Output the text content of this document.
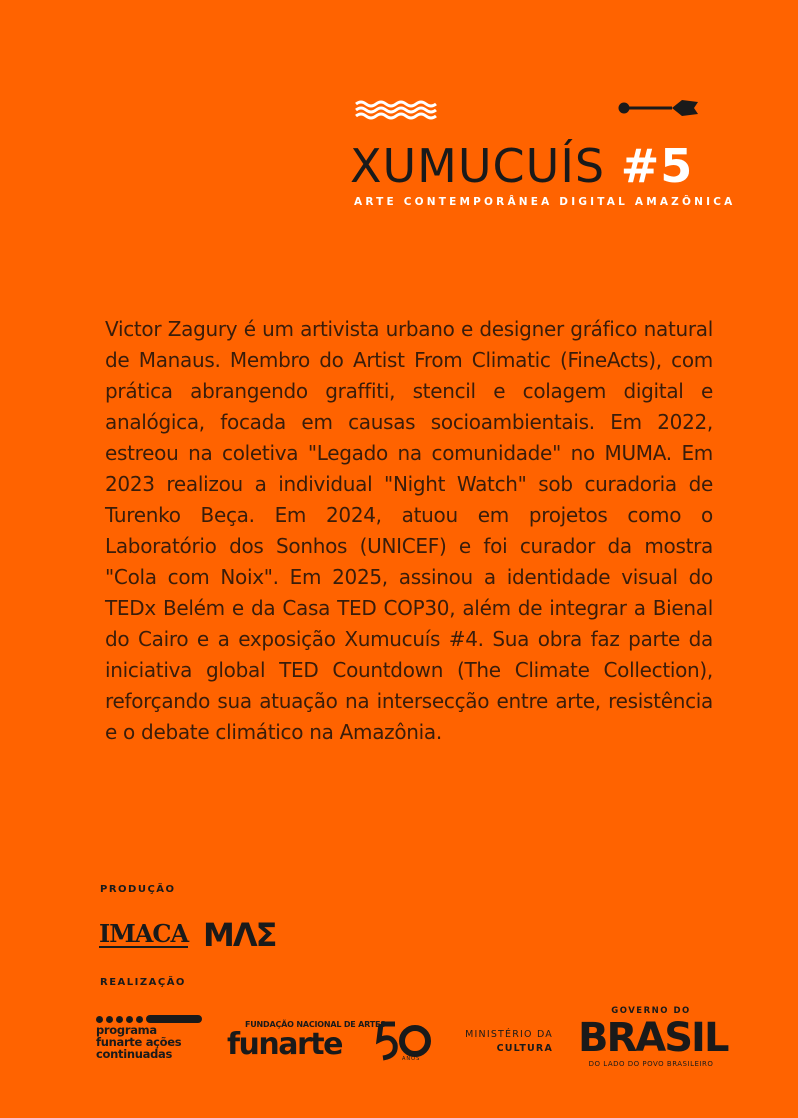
XUMUCUÍS #5
ARTE CONTEMPORÂNEA DIGITAL AMAZÔNICA

Victor Zagury é um artivista urbano e designer gráfico natural de Manaus. Membro do Artist From Climatic (FineActs), com prática abrangendo graffiti, stencil e colagem digital e analógica, focada em causas socioambientais. Em 2022, estreou na coletiva "Legado na comunidade" no MUMA. Em 2023 realizou a individual "Night Watch" sob curadoria de Turenko Beça. Em 2024, atuou em projetos como o Laboratório dos Sonhos (UNICEF) e foi curador da mostra "Cola com Noix". Em 2025, assinou a identidade visual do TEDx Belém e da Casa TED COP30, além de integrar a Bienal do Cairo e a exposição Xumucuís #4. Sua obra faz parte da iniciativa global TED Countdown (The Climate Collection), reforçando sua atuação na intersecção entre arte, resistência e o debate climático na Amazônia.

PRODUÇÃO
IMACA MΛΣ
REALIZAÇÃO
programa
funarte ações
continuadas
FUNDAÇÃO NACIONAL DE ARTES
funarte	ANOS
MINISTÉRIO DA
CULTURA
GOVERNO DO
BRASIL
DO LADO DO POVO BRASILEIRO
